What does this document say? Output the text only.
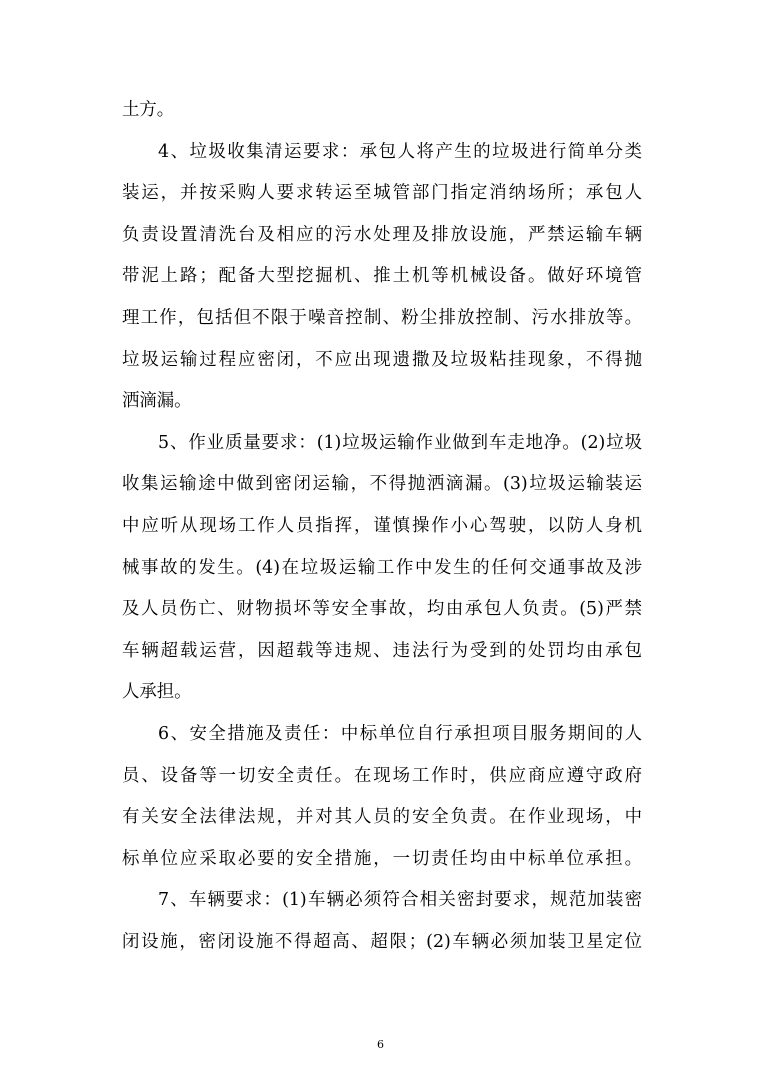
土方。
4、垃圾收集清运要求：承包人将产生的垃圾进行简单分类
装运，并按采购人要求转运至城管部门指定消纳场所；承包人
负责设置清洗台及相应的污水处理及排放设施，严禁运输车辆
带泥上路；配备大型挖掘机、推土机等机械设备。做好环境管
理工作，包括但不限于噪音控制、粉尘排放控制、污水排放等。
垃圾运输过程应密闭，不应出现遗撒及垃圾粘挂现象，不得抛
洒滴漏。
5、作业质量要求：(1)垃圾运输作业做到车走地净。(2)垃圾
收集运输途中做到密闭运输，不得抛洒滴漏。(3)垃圾运输装运
中应听从现场工作人员指挥，谨慎操作小心驾驶，以防人身机
械事故的发生。(4)在垃圾运输工作中发生的任何交通事故及涉
及人员伤亡、财物损坏等安全事故，均由承包人负责。(5)严禁
车辆超载运营，因超载等违规、违法行为受到的处罚均由承包
人承担。
6、安全措施及责任：中标单位自行承担项目服务期间的人
员、设备等一切安全责任。在现场工作时，供应商应遵守政府
有关安全法律法规，并对其人员的安全负责。在作业现场，中
标单位应采取必要的安全措施，一切责任均由中标单位承担。
7、车辆要求：(1)车辆必须符合相关密封要求，规范加装密
闭设施，密闭设施不得超高、超限；(2)车辆必须加装卫星定位
6
